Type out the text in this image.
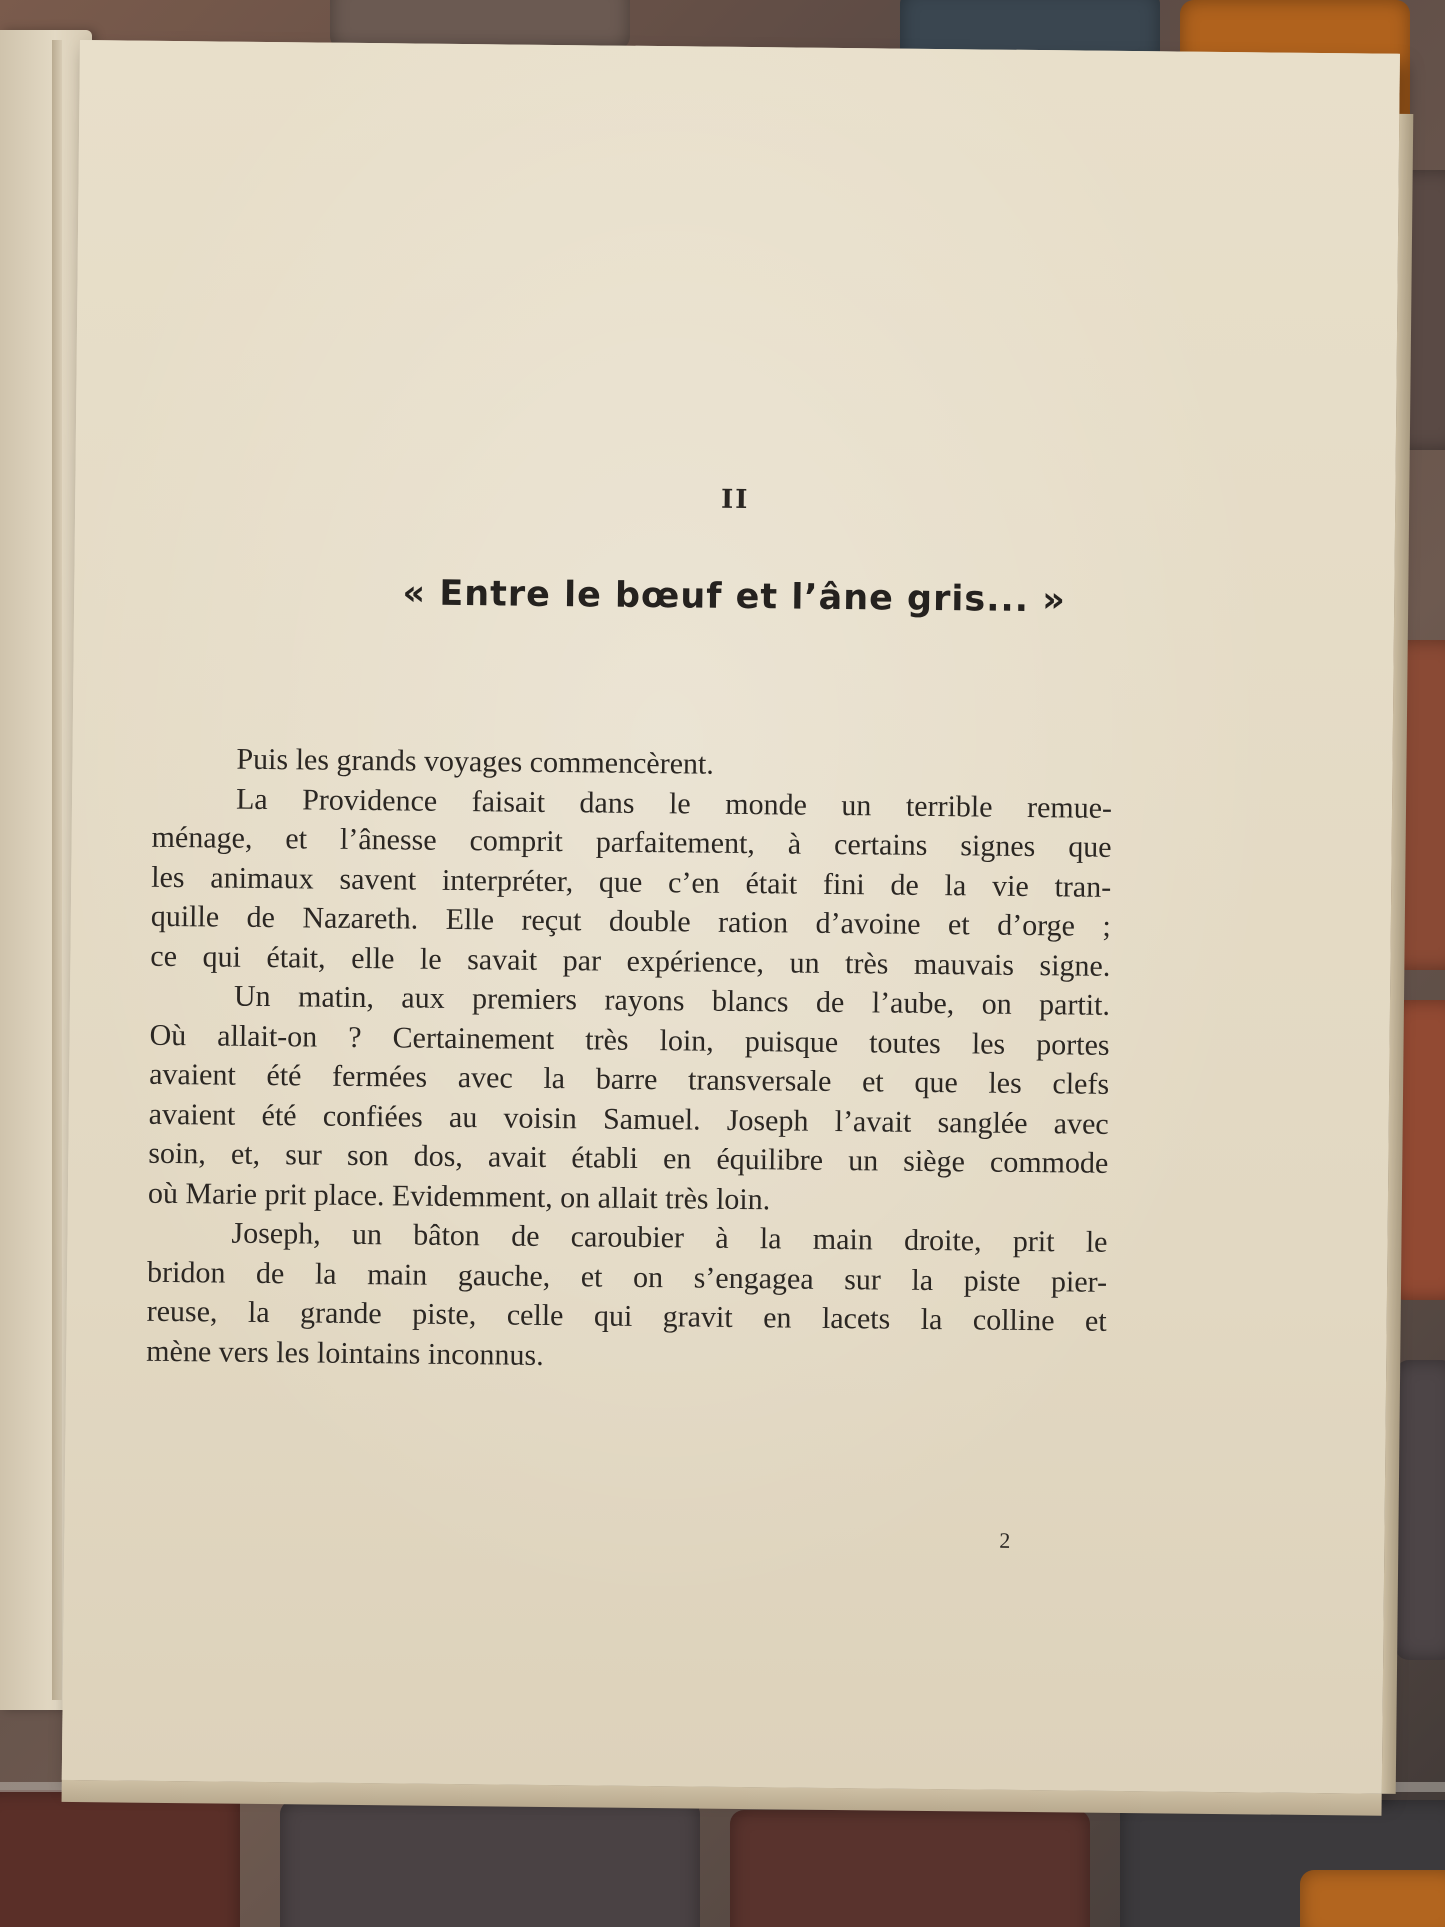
II
« Entre le bœuf et l’âne gris... »

Puis les grands voyages commencèrent.

La Providence faisait dans le monde un terrible remue-
ménage, et l’ânesse comprit parfaitement, à certains signes que
les animaux savent interpréter, que c’en était fini de la vie tran-
quille de Nazareth. Elle reçut double ration d’avoine et d’orge ;
ce qui était, elle le savait par expérience, un très mauvais signe.

Un matin, aux premiers rayons blancs de l’aube, on partit.
Où allait-on ? Certainement très loin, puisque toutes les portes
avaient été fermées avec la barre transversale et que les clefs
avaient été confiées au voisin Samuel. Joseph l’avait sanglée avec
soin, et, sur son dos, avait établi en équilibre un siège commode
où Marie prit place. Evidemment, on allait très loin.

Joseph, un bâton de caroubier à la main droite, prit le
bridon de la main gauche, et on s’engagea sur la piste pier-
reuse, la grande piste, celle qui gravit en lacets la colline et
mène vers les lointains inconnus.

2
